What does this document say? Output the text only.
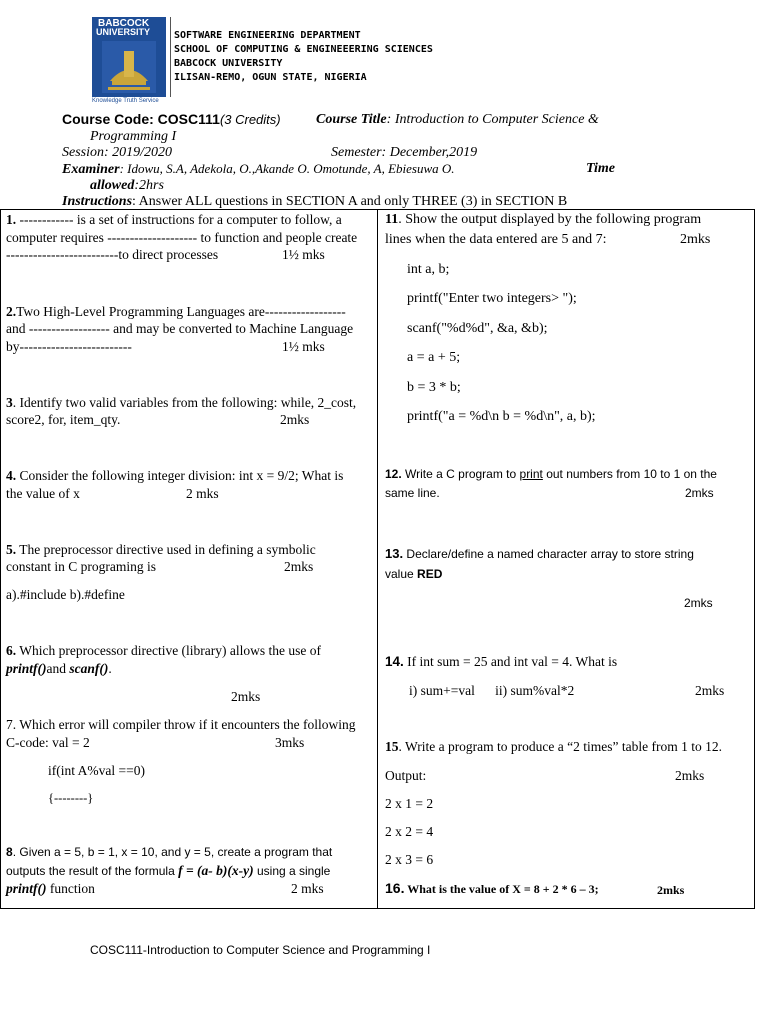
BABCOCK
UNIVERSITY
Knowledge Truth Service
SOFTWARE ENGINEERING DEPARTMENT
SCHOOL OF COMPUTING & ENGINEEERING SCIENCES
BABCOCK UNIVERSITY
ILISAN-REMO, OGUN STATE, NIGERIA
Course Code: COSC111(3 Credits)	Course Title: Introduction to Computer Science &
Programming I
Session: 2019/2020	Semester: December,2019
Examiner: Idowu, S.A, Adekola, O.,Akande O. Omotunde, A, Ebiesuwa O.	Time
allowed:2hrs
Instructions: Answer ALL questions in SECTION A and only THREE (3) in SECTION B
1. ------------ is a set of instructions for a computer to follow, a
computer requires -------------------- to function and people create
-------------------------to direct processes	1½ mks
2.Two High-Level Programming Languages are------------------
and ------------------ and may be converted to Machine Language
by-------------------------	1½ mks
3. Identify two valid variables from the following: while, 2_cost,
score2, for, item_qty.	2mks
4. Consider the following integer division: int x = 9/2; What is
the value of x	2 mks
5. The preprocessor directive used in defining a symbolic
constant in C programing is	2mks
a).#include b).#define
6. Which preprocessor directive (library) allows the use of
printf()and scanf().
2mks
7. Which error will compiler throw if it encounters the following
C-code: val = 2	3mks
if(int A%val ==0)
{--------}
8. Given a = 5, b = 1, x = 10, and y = 5, create a program that
outputs the result of the formula f = (a- b)(x-y) using a single
printf() function	2 mks
11. Show the output displayed by the following program
lines when the data entered are 5 and 7:	2mks
int a, b;
printf("Enter two integers> ");
scanf("%d%d", &a, &b);
a = a + 5;
b = 3 * b;
printf("a = %d\n b = %d\n", a, b);
12. Write a C program to print out numbers from 10 to 1 on the
same line.	2mks
13. Declare/define a named character array to store string
value RED
2mks
14. If int sum = 25 and int val = 4. What is
i) sum+=val      ii) sum%val*2	2mks
15. Write a program to produce a “2 times” table from 1 to 12.
Output:	2mks
2 x 1 = 2
2 x 2 = 4
2 x 3 = 6
16. What is the value of X = 8 + 2 * 6 – 3;	2mks
COSC111-Introduction to Computer Science and Programming I
